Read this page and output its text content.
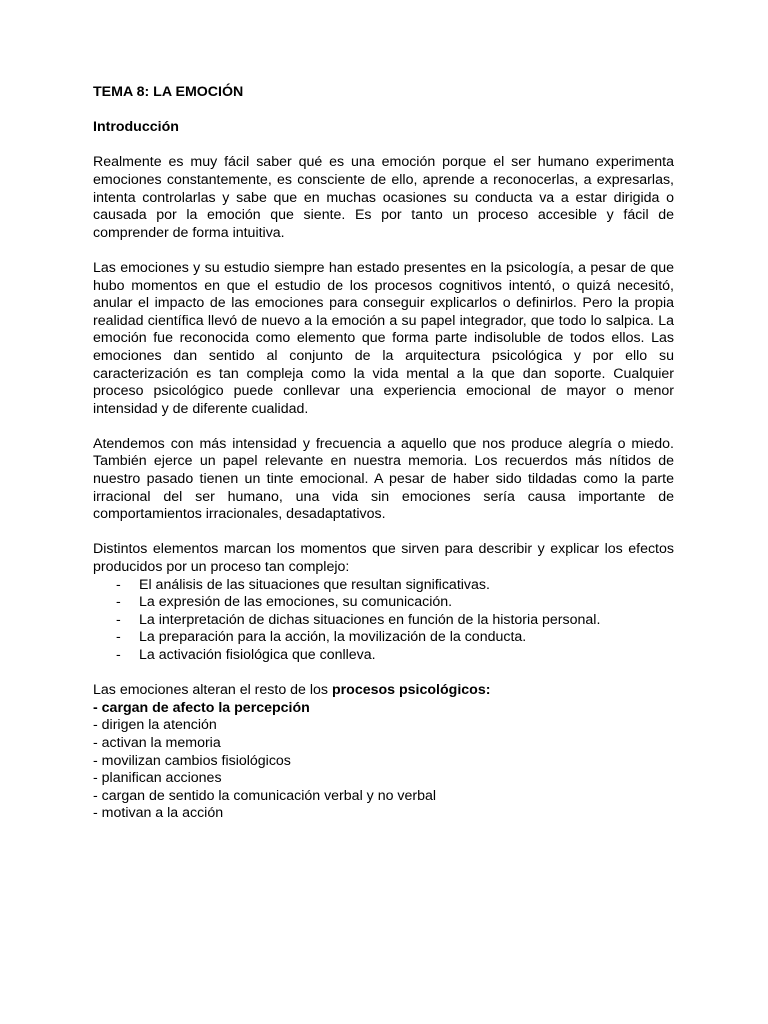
TEMA 8: LA EMOCIÓN

Introducción

Realmente es muy fácil saber qué es una emoción porque el ser humano experimenta emociones constantemente, es consciente de ello, aprende a reconocerlas, a expresarlas, intenta controlarlas y sabe que en muchas ocasiones su conducta va a estar dirigida o causada por la emoción que siente. Es por tanto un proceso accesible y fácil de comprender de forma intuitiva.

Las emociones y su estudio siempre han estado presentes en la psicología, a pesar de que hubo momentos en que el estudio de los procesos cognitivos intentó, o quizá necesitó, anular el impacto de las emociones para conseguir explicarlos o definirlos. Pero la propia realidad científica llevó de nuevo a la emoción a su papel integrador, que todo lo salpica. La emoción fue reconocida como elemento que forma parte indisoluble de todos ellos. Las emociones dan sentido al conjunto de la arquitectura psicológica y por ello su caracterización es tan compleja como la vida mental a la que dan soporte. Cualquier proceso psicológico puede conllevar una experiencia emocional de mayor o menor intensidad y de diferente cualidad.

Atendemos con más intensidad y frecuencia a aquello que nos produce alegría o miedo. También ejerce un papel relevante en nuestra memoria. Los recuerdos más nítidos de nuestro pasado tienen un tinte emocional. A pesar de haber sido tildadas como la parte irracional del ser humano, una vida sin emociones sería causa importante de comportamientos irracionales, desadaptativos.

Distintos elementos marcan los momentos que sirven para describir y explicar los efectos producidos por un proceso tan complejo:

- El análisis de las situaciones que resultan significativas.
- La expresión de las emociones, su comunicación.
- La interpretación de dichas situaciones en función de la historia personal.
- La preparación para la acción, la movilización de la conducta.
- La activación fisiológica que conlleva.

Las emociones alteran el resto de los procesos psicológicos:

- cargan de afecto la percepción
- dirigen la atención
- activan la memoria
- movilizan cambios fisiológicos
- planifican acciones
- cargan de sentido la comunicación verbal y no verbal
- motivan a la acción
